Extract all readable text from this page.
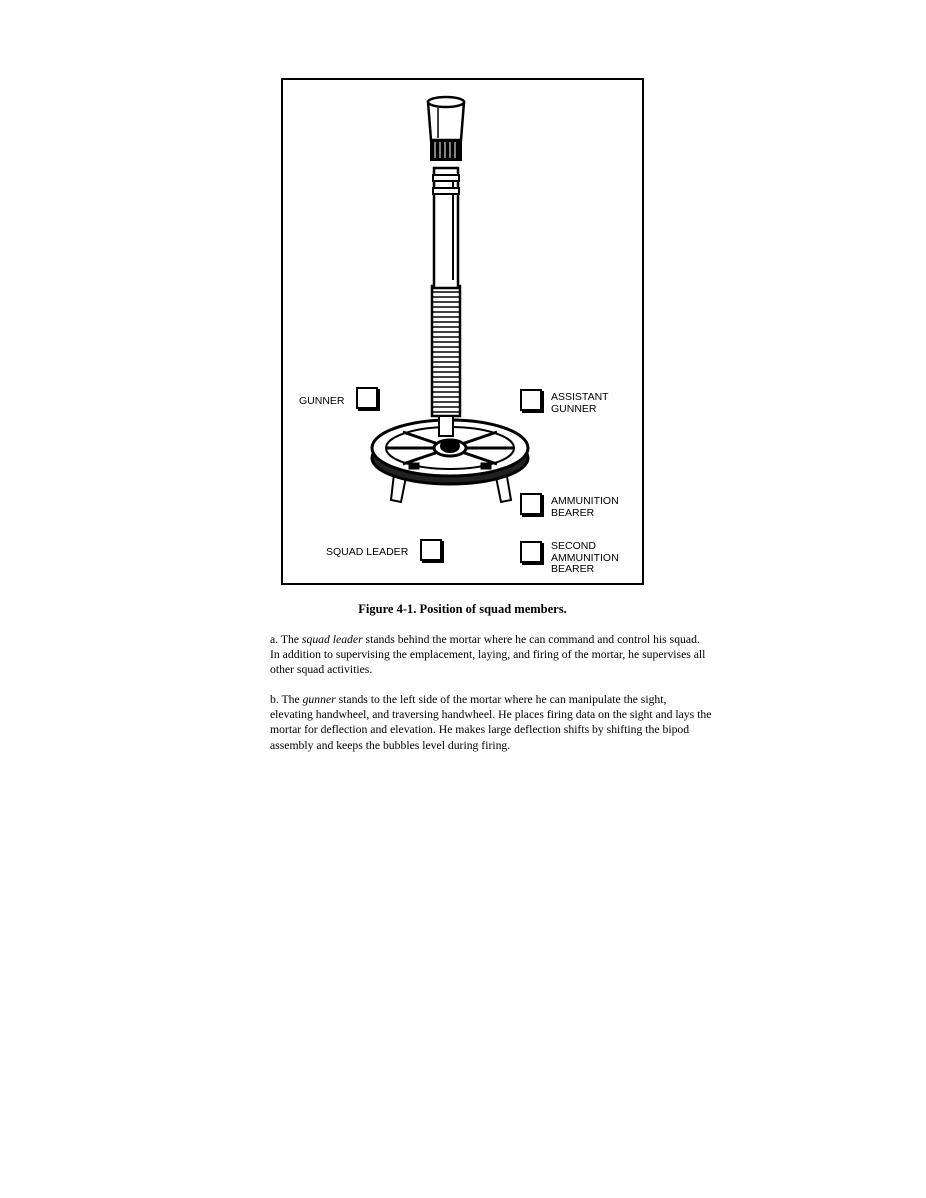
GUNNER	ASSISTANT
GUNNER
AMMUNITION
BEARER
SQUAD LEADER	SECOND
AMMUNITION
BEARER
Figure 4-1. Position of squad members.

a. The squad leader stands behind the mortar where he can command and control his squad. In addition to supervising the emplacement, laying, and firing of the mortar, he supervises all other squad activities.

b. The gunner stands to the left side of the mortar where he can manipulate the sight, elevating handwheel, and traversing handwheel. He places firing data on the sight and lays the mortar for deflection and elevation. He makes large deflection shifts by shifting the bipod assembly and keeps the bubbles level during firing.
